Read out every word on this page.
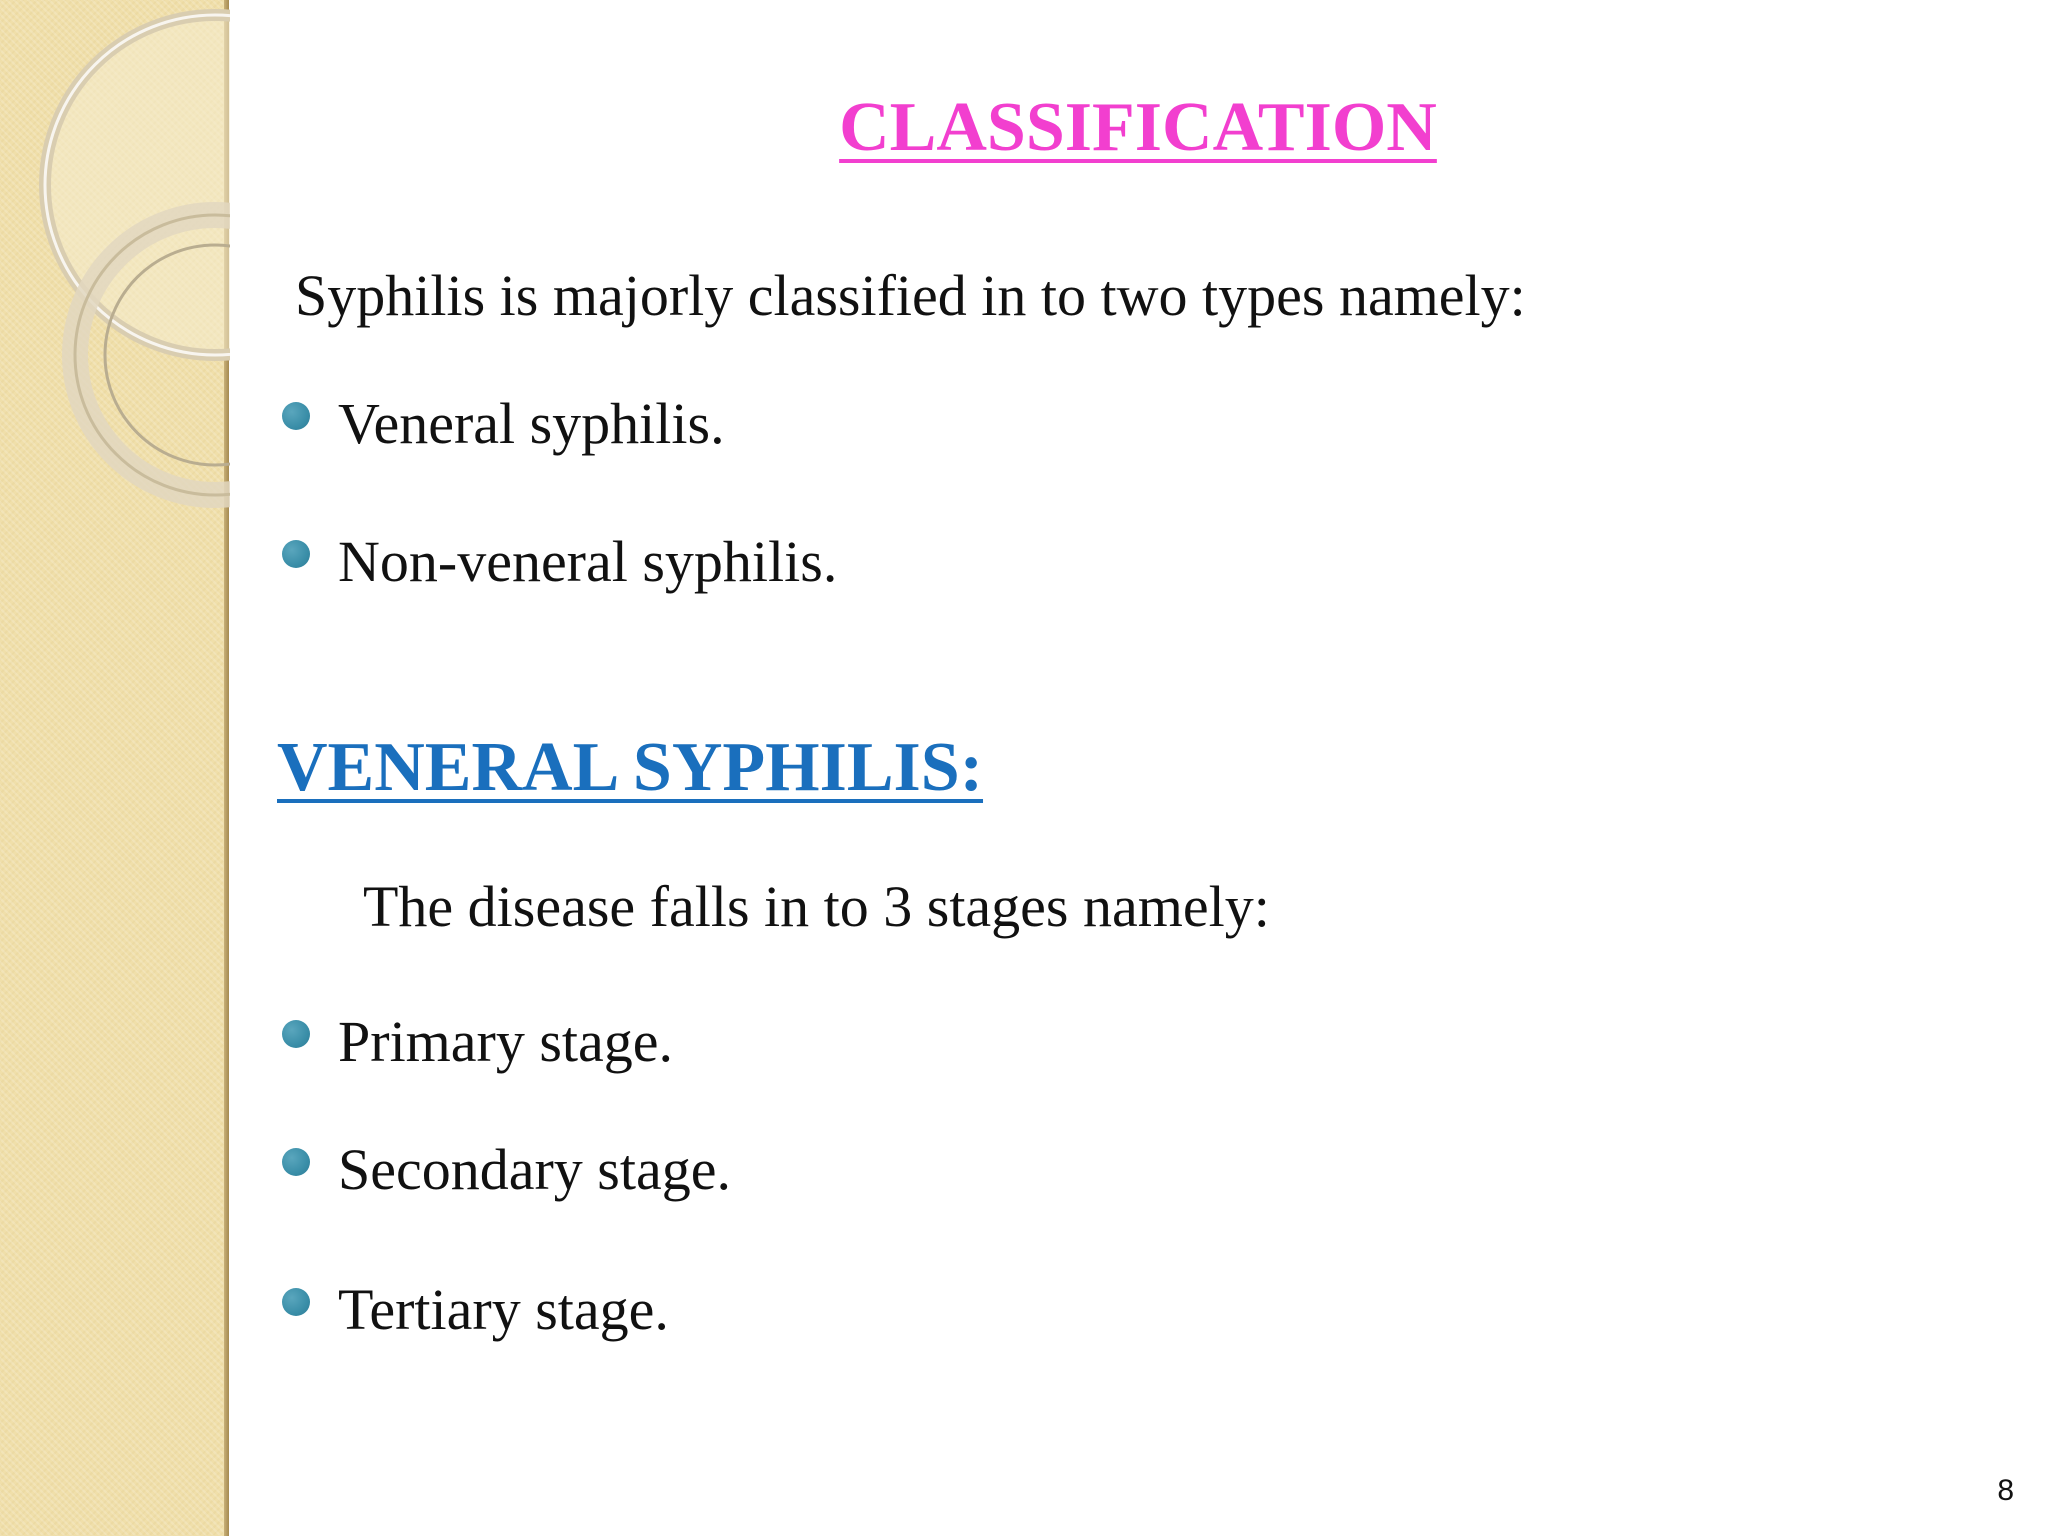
CLASSIFICATION
Syphilis is majorly classified in to two types namely:
Veneral syphilis.
Non-veneral syphilis.
VENERAL SYPHILIS:
The disease falls in to 3 stages namely:
Primary stage.
Secondary stage.
Tertiary stage.
8
